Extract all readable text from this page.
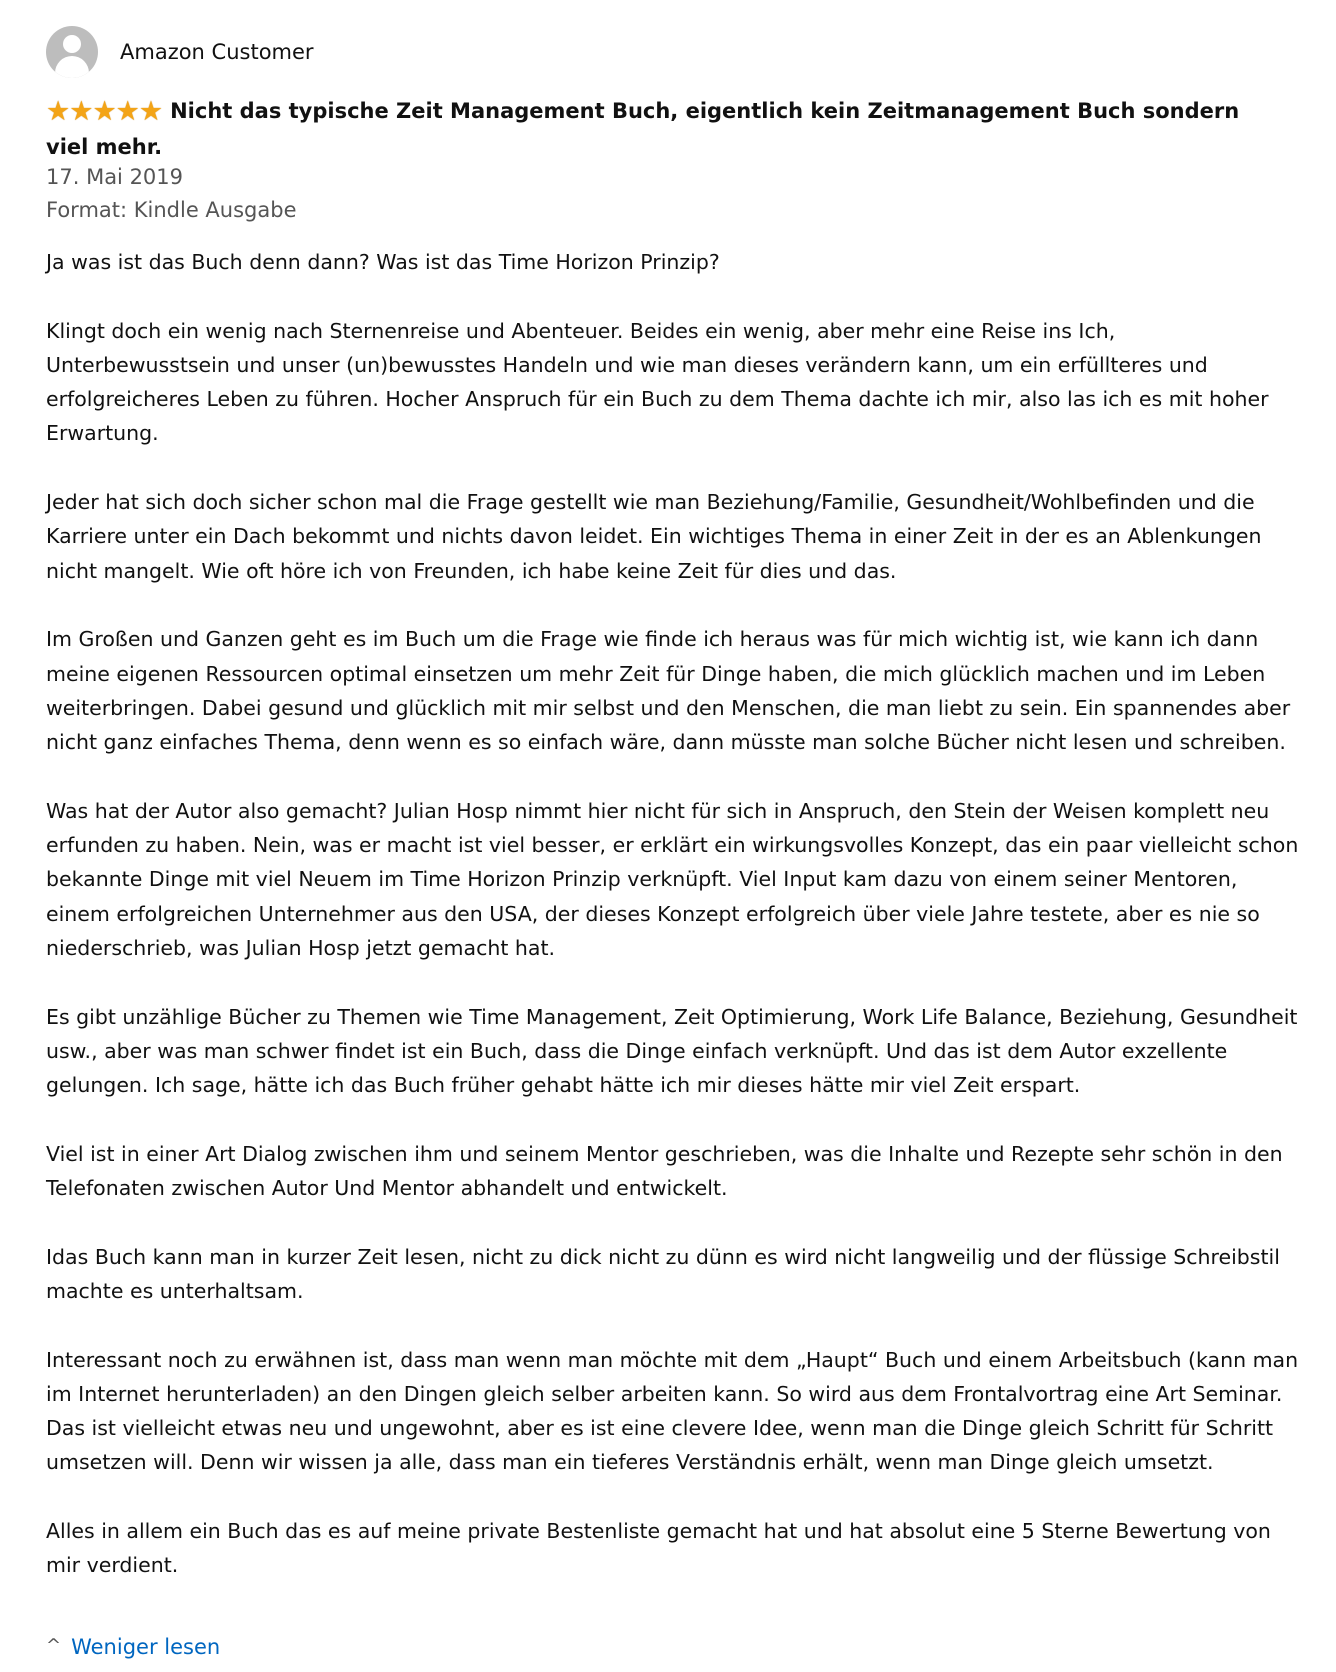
Amazon Customer
★★★★★ Nicht das typische Zeit Management Buch, eigentlich kein Zeitmanagement Buch sondern viel mehr.
17. Mai 2019
Format: Kindle Ausgabe

Ja was ist das Buch denn dann? Was ist das Time Horizon Prinzip?

Klingt doch ein wenig nach Sternenreise und Abenteuer. Beides ein wenig, aber mehr eine Reise ins Ich, Unterbewusstsein und unser (un)bewusstes Handeln und wie man dieses verändern kann, um ein erfüllteres und erfolgreicheres Leben zu führen. Hocher Anspruch für ein Buch zu dem Thema dachte ich mir, also las ich es mit hoher Erwartung.

Jeder hat sich doch sicher schon mal die Frage gestellt wie man Beziehung/Familie, Gesundheit/Wohlbefinden und die Karriere unter ein Dach bekommt und nichts davon leidet. Ein wichtiges Thema in einer Zeit in der es an Ablenkungen nicht mangelt. Wie oft höre ich von Freunden, ich habe keine Zeit für dies und das.

Im Großen und Ganzen geht es im Buch um die Frage wie finde ich heraus was für mich wichtig ist, wie kann ich dann meine eigenen Ressourcen optimal einsetzen um mehr Zeit für Dinge haben, die mich glücklich machen und im Leben weiterbringen. Dabei gesund und glücklich mit mir selbst und den Menschen, die man liebt zu sein. Ein spannendes aber nicht ganz einfaches Thema, denn wenn es so einfach wäre, dann müsste man solche Bücher nicht lesen und schreiben.

Was hat der Autor also gemacht? Julian Hosp nimmt hier nicht für sich in Anspruch, den Stein der Weisen komplett neu erfunden zu haben. Nein, was er macht ist viel besser, er erklärt ein wirkungsvolles Konzept, das ein paar vielleicht schon bekannte Dinge mit viel Neuem im Time Horizon Prinzip verknüpft. Viel Input kam dazu von einem seiner Mentoren, einem erfolgreichen Unternehmer aus den USA, der dieses Konzept erfolgreich über viele Jahre testete, aber es nie so niederschrieb, was Julian Hosp jetzt gemacht hat.

Es gibt unzählige Bücher zu Themen wie Time Management, Zeit Optimierung, Work Life Balance, Beziehung, Gesundheit usw., aber was man schwer findet ist ein Buch, dass die Dinge einfach verknüpft. Und das ist dem Autor exzellente gelungen. Ich sage, hätte ich das Buch früher gehabt hätte ich mir dieses hätte mir viel Zeit erspart.

Viel ist in einer Art Dialog zwischen ihm und seinem Mentor geschrieben, was die Inhalte und Rezepte sehr schön in den Telefonaten zwischen Autor Und Mentor abhandelt und entwickelt.

Idas Buch kann man in kurzer Zeit lesen, nicht zu dick nicht zu dünn es wird nicht langweilig und der flüssige Schreibstil machte es unterhaltsam.

Interessant noch zu erwähnen ist, dass man wenn man möchte mit dem „Haupt“ Buch und einem Arbeitsbuch (kann man im Internet herunterladen) an den Dingen gleich selber arbeiten kann. So wird aus dem Frontalvortrag eine Art Seminar. Das ist vielleicht etwas neu und ungewohnt, aber es ist eine clevere Idee, wenn man die Dinge gleich Schritt für Schritt umsetzen will. Denn wir wissen ja alle, dass man ein tieferes Verständnis erhält, wenn man Dinge gleich umsetzt.

Alles in allem ein Buch das es auf meine private Bestenliste gemacht hat und hat absolut eine 5 Sterne Bewertung von mir verdient.

^ Weniger lesen
